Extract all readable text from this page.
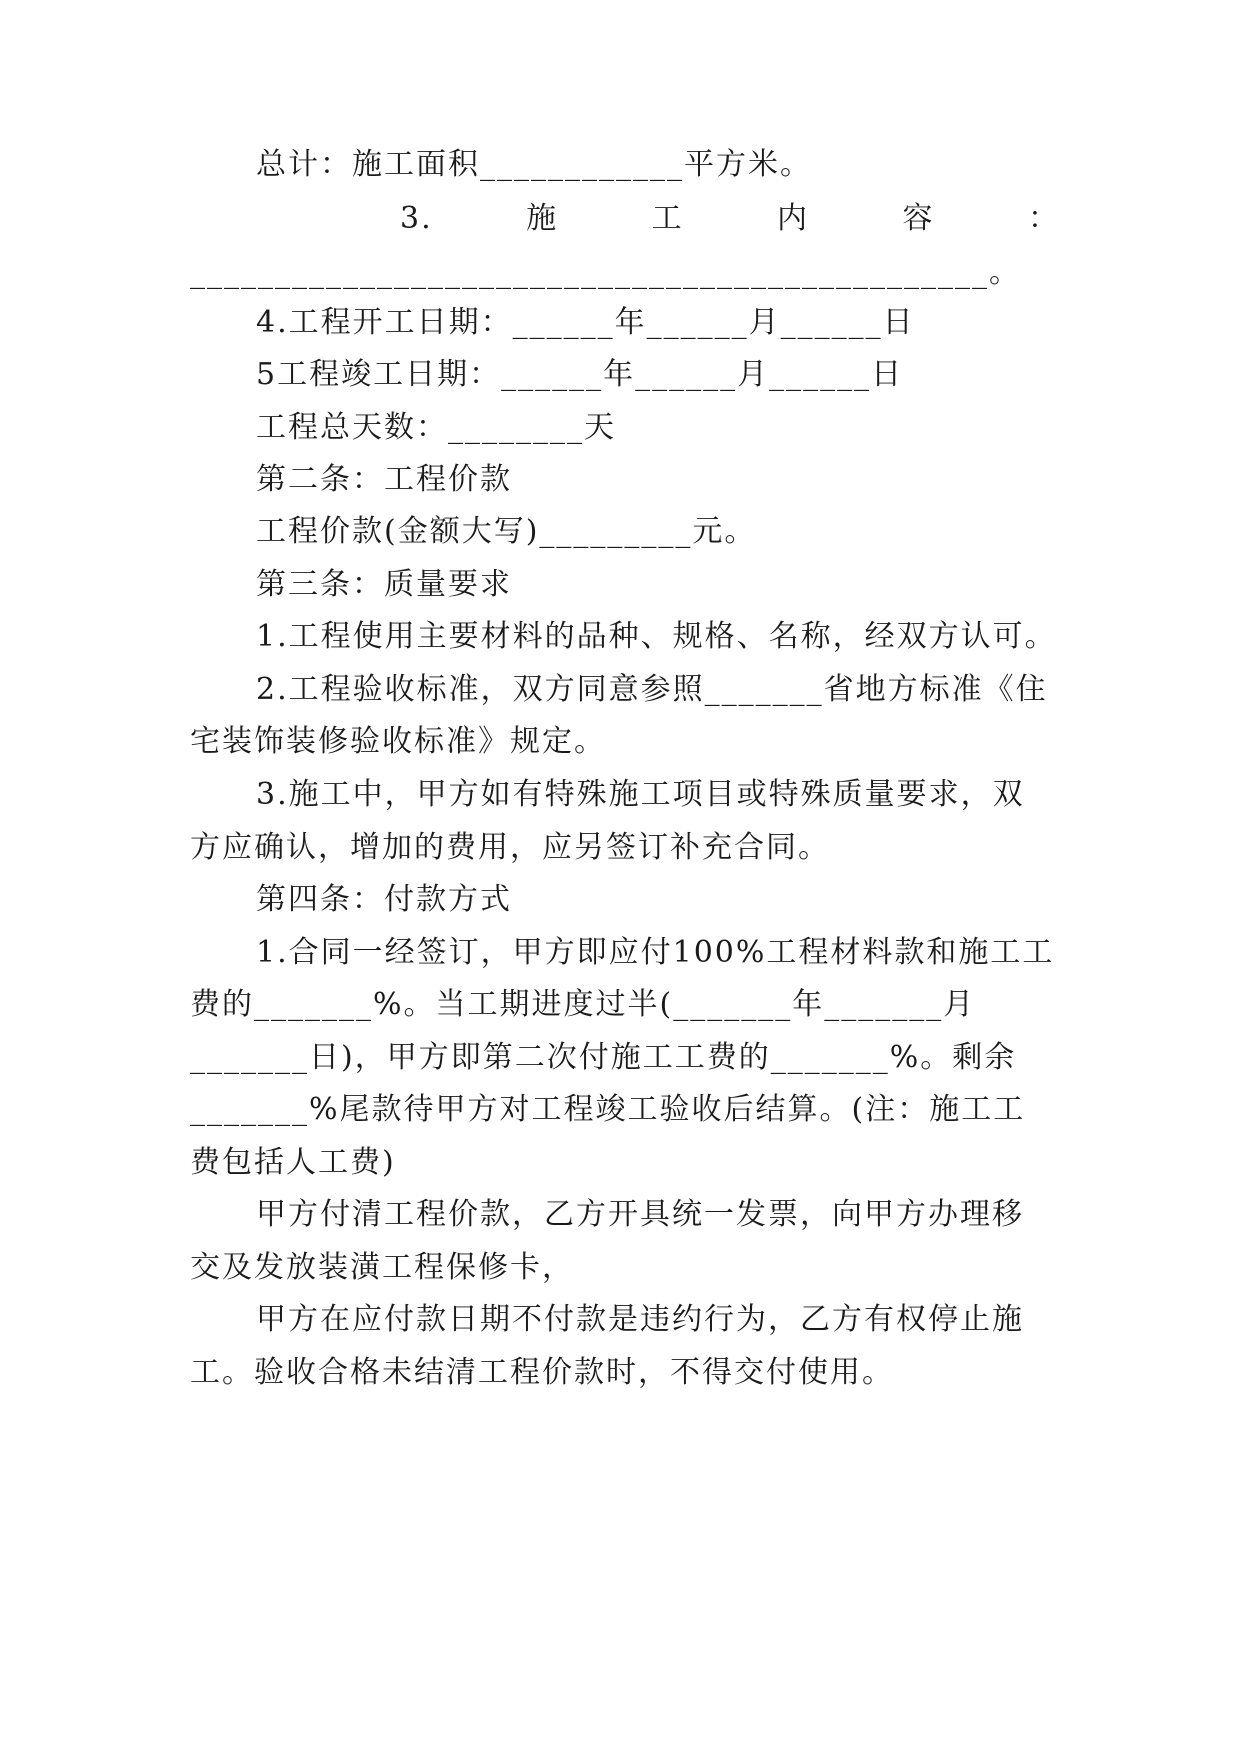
总计：施工面积____________平方米。
3.	施	工	内	容	：
_______________________________________________。
4.工程开工日期：______年______月______日
5工程竣工日期：______年______月______日
工程总天数：________天
第二条：工程价款
工程价款(金额大写)_________元。
第三条：质量要求
1.工程使用主要材料的品种、规格、名称，经双方认可。
2.工程验收标准，双方同意参照_______省地方标准《住
宅装饰装修验收标准》规定。
3.施工中，甲方如有特殊施工项目或特殊质量要求，双
方应确认，增加的费用，应另签订补充合同。
第四条：付款方式
1.合同一经签订，甲方即应付100%工程材料款和施工工
费的_______%。当工期进度过半(_______年_______月
_______日)，甲方即第二次付施工工费的_______%。剩余
_______%尾款待甲方对工程竣工验收后结算。(注：施工工
费包括人工费)
甲方付清工程价款，乙方开具统一发票，向甲方办理移
交及发放装潢工程保修卡，
甲方在应付款日期不付款是违约行为，乙方有权停止施
工。验收合格未结清工程价款时，不得交付使用。
